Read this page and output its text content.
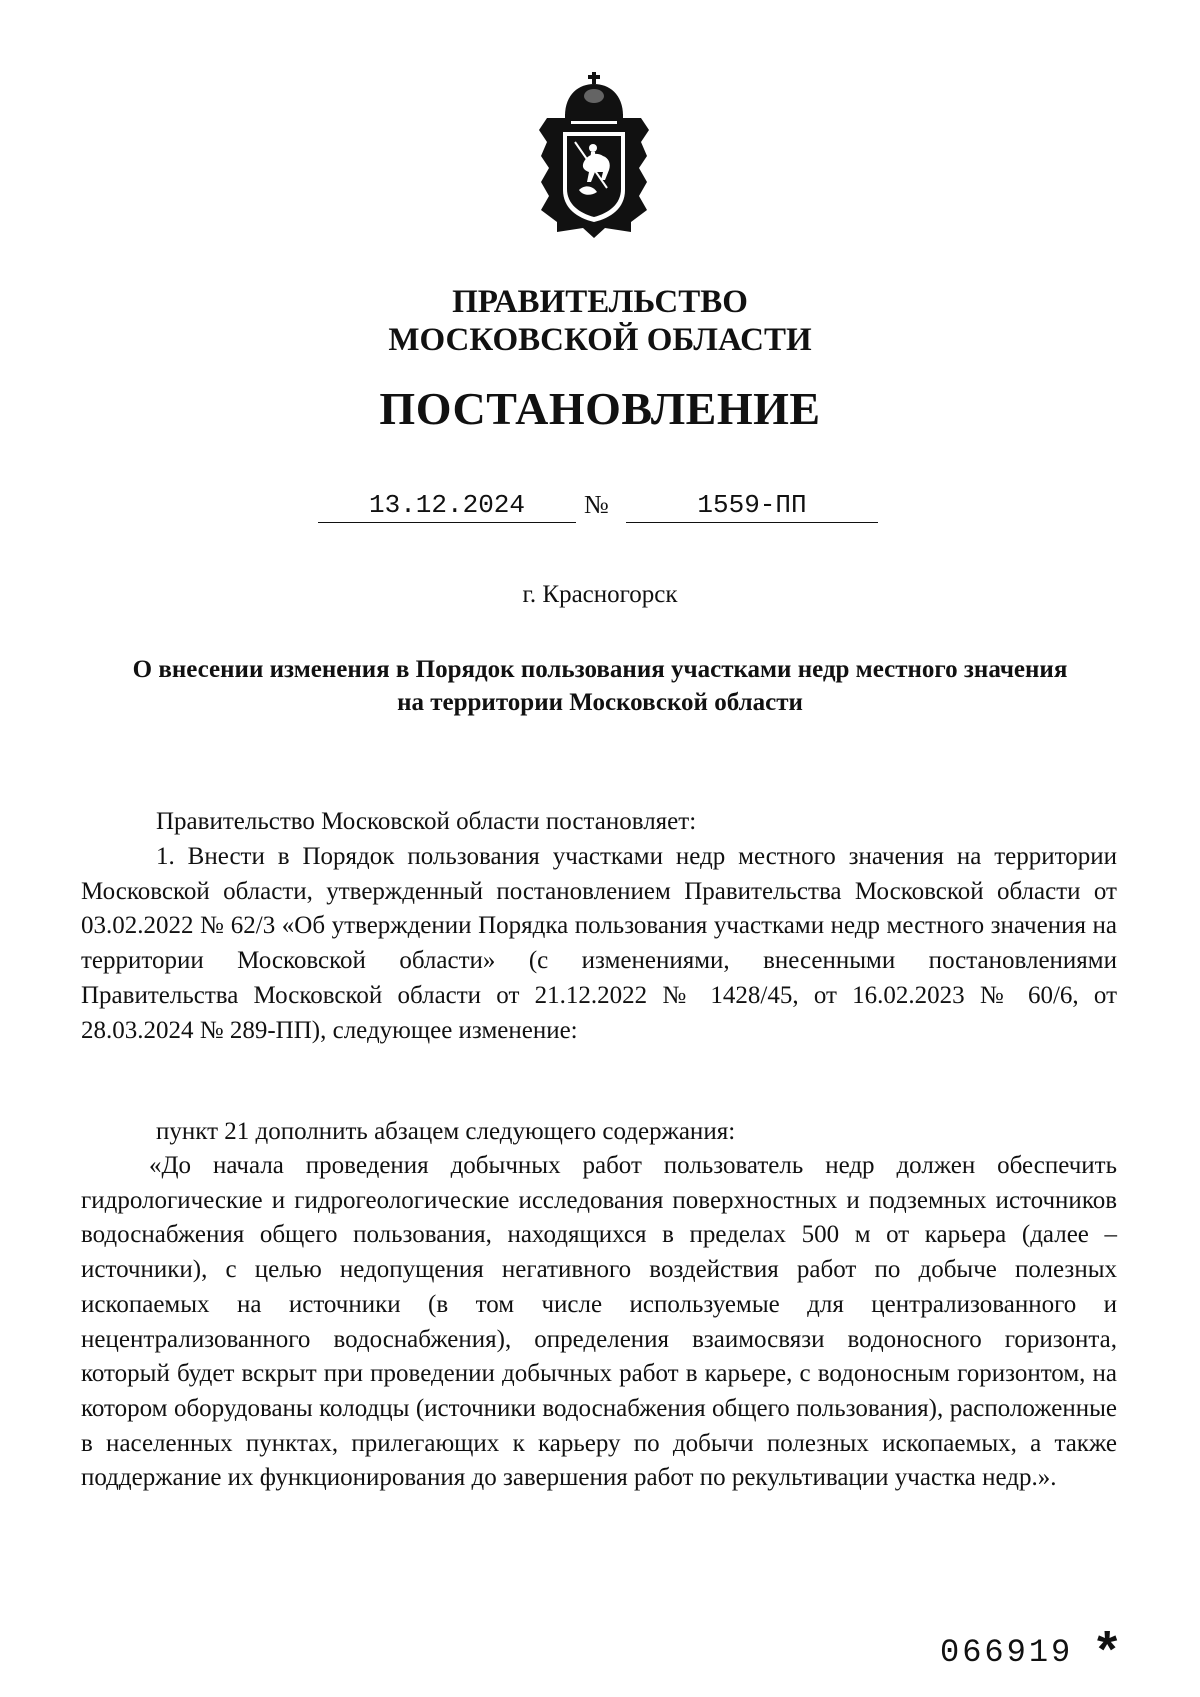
ПРАВИТЕЛЬСТВО
МОСКОВСКОЙ ОБЛАСТИ
ПОСТАНОВЛЕНИЕ
13.12.2024	№	1559-ПП
г. Красногорск
О внесении изменения в Порядок пользования участками недр местного значения на территории Московской области
Правительство Московской области постановляет:
1. Внести в Порядок пользования участками недр местного значения на территории Московской области, утвержденный постановлением Правительства Московской области от 03.02.2022 № 62/3 «Об утверждении Порядка пользования участками недр местного значения на территории Московской области» (с изменениями, внесенными постановлениями Правительства Московской области от 21.12.2022 № 1428/45, от 16.02.2023 № 60/6, от 28.03.2024 № 289-ПП), следующее изменение:
пункт 21 дополнить абзацем следующего содержания:
«До начала проведения добычных работ пользователь недр должен обеспечить гидрологические и гидрогеологические исследования поверхностных и подземных источников водоснабжения общего пользования, находящихся в пределах 500 м от карьера (далее – источники), с целью недопущения негативного воздействия работ по добыче полезных ископаемых на источники (в том числе используемые для централизованного и нецентрализованного водоснабжения), определения взаимосвязи водоносного горизонта, который будет вскрыт при проведении добычных работ в карьере, с водоносным горизонтом, на котором оборудованы колодцы (источники водоснабжения общего пользования), расположенные в населенных пунктах, прилегающих к карьеру по добычи полезных ископаемых, а также поддержание их функционирования до завершения работ по рекультивации участка недр.».
066919 *
